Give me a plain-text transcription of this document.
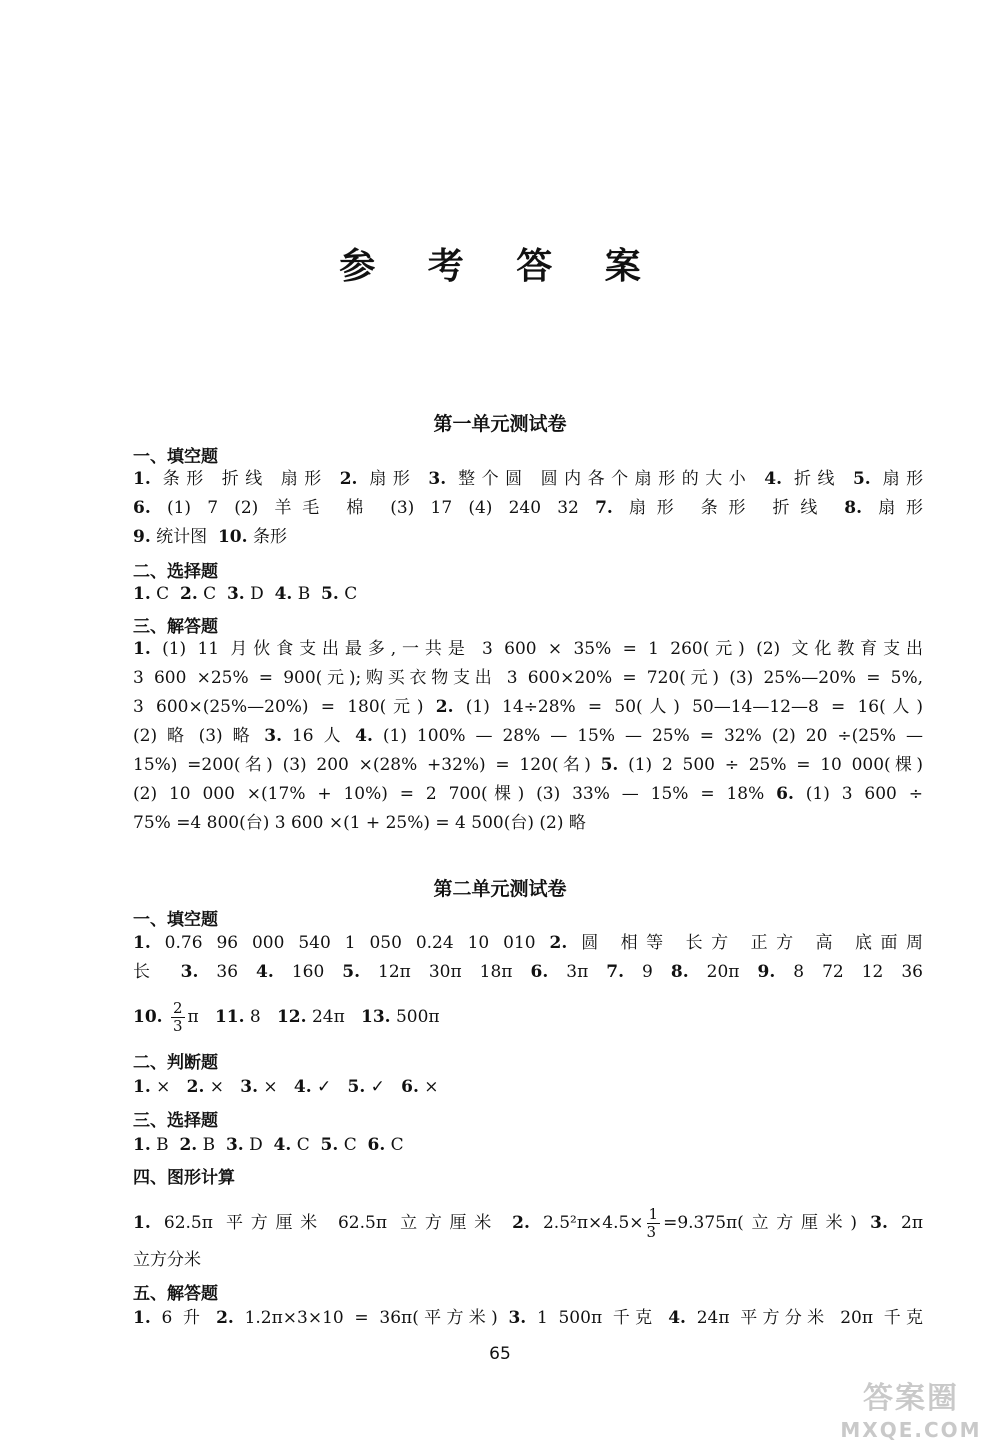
参 考 答 案
第一单元测试卷
一、填空题
1. 条形 折线 扇形 2. 扇形 3. 整个圆 圆内各个扇形的大小 4. 折线 5. 扇形
6. (1) 7 (2) 羊毛 棉 (3) 17 (4) 240 32 7. 扇形 条形 折线 8. 扇形
9. 统计图 10. 条形
二、选择题
1. C 2. C 3. D 4. B 5. C
三、解答题
1. (1) 11 月伙食支出最多,一共是 3 600 × 35% = 1 260(元) (2) 文化教育支出
3 600 ×25% = 900(元);购买衣物支出 3 600×20% = 720(元) (3) 25%—20% = 5%,
3 600×(25%—20%) = 180(元) 2. (1) 14÷28% = 50(人) 50—14—12—8 = 16(人)
(2) 略 (3) 略 3. 16 人 4. (1) 100% — 28% — 15% — 25% = 32% (2) 20 ÷(25% —
15%) =200(名) (3) 200 ×(28% +32%) = 120(名) 5. (1) 2 500 ÷ 25% = 10 000(棵)
(2) 10 000 ×(17% + 10%) = 2 700(棵) (3) 33% — 15% = 18% 6. (1) 3 600 ÷
75% =4 800(台) 3 600 ×(1 + 25%) = 4 500(台) (2) 略
第二单元测试卷
一、填空题
1. 0.76 96 000 540 1 050 0.24 10 010 2. 圆 相等 长方 正方 高 底面周
长 3. 36 4. 160 5. 12π 30π 18π 6. 3π 7. 9 8. 20π 9. 8 72 12 36
10. $\frac{2}{3}$ π 11. 8 12. 24π 13. 500π
二、判断题
1. × 2. × 3. × 4. ✓ 5. ✓ 6. ×
三、选择题
1. B 2. B 3. D 4. C 5. C 6. C
四、图形计算
1. 62.5π 平方厘米 62.5π 立方厘米 2. $2.5^2\pi\times 4.5\times \frac{1}{3} =9.375\pi$(立方厘米) 3. 2π
立方分米
五、解答题
1. 6 升 2. 1.2π×3×10 = 36π(平方米) 3. 1 500π 千克 4. 24π 平方分米 20π 千克
65
答案圈
MXQE.COM
